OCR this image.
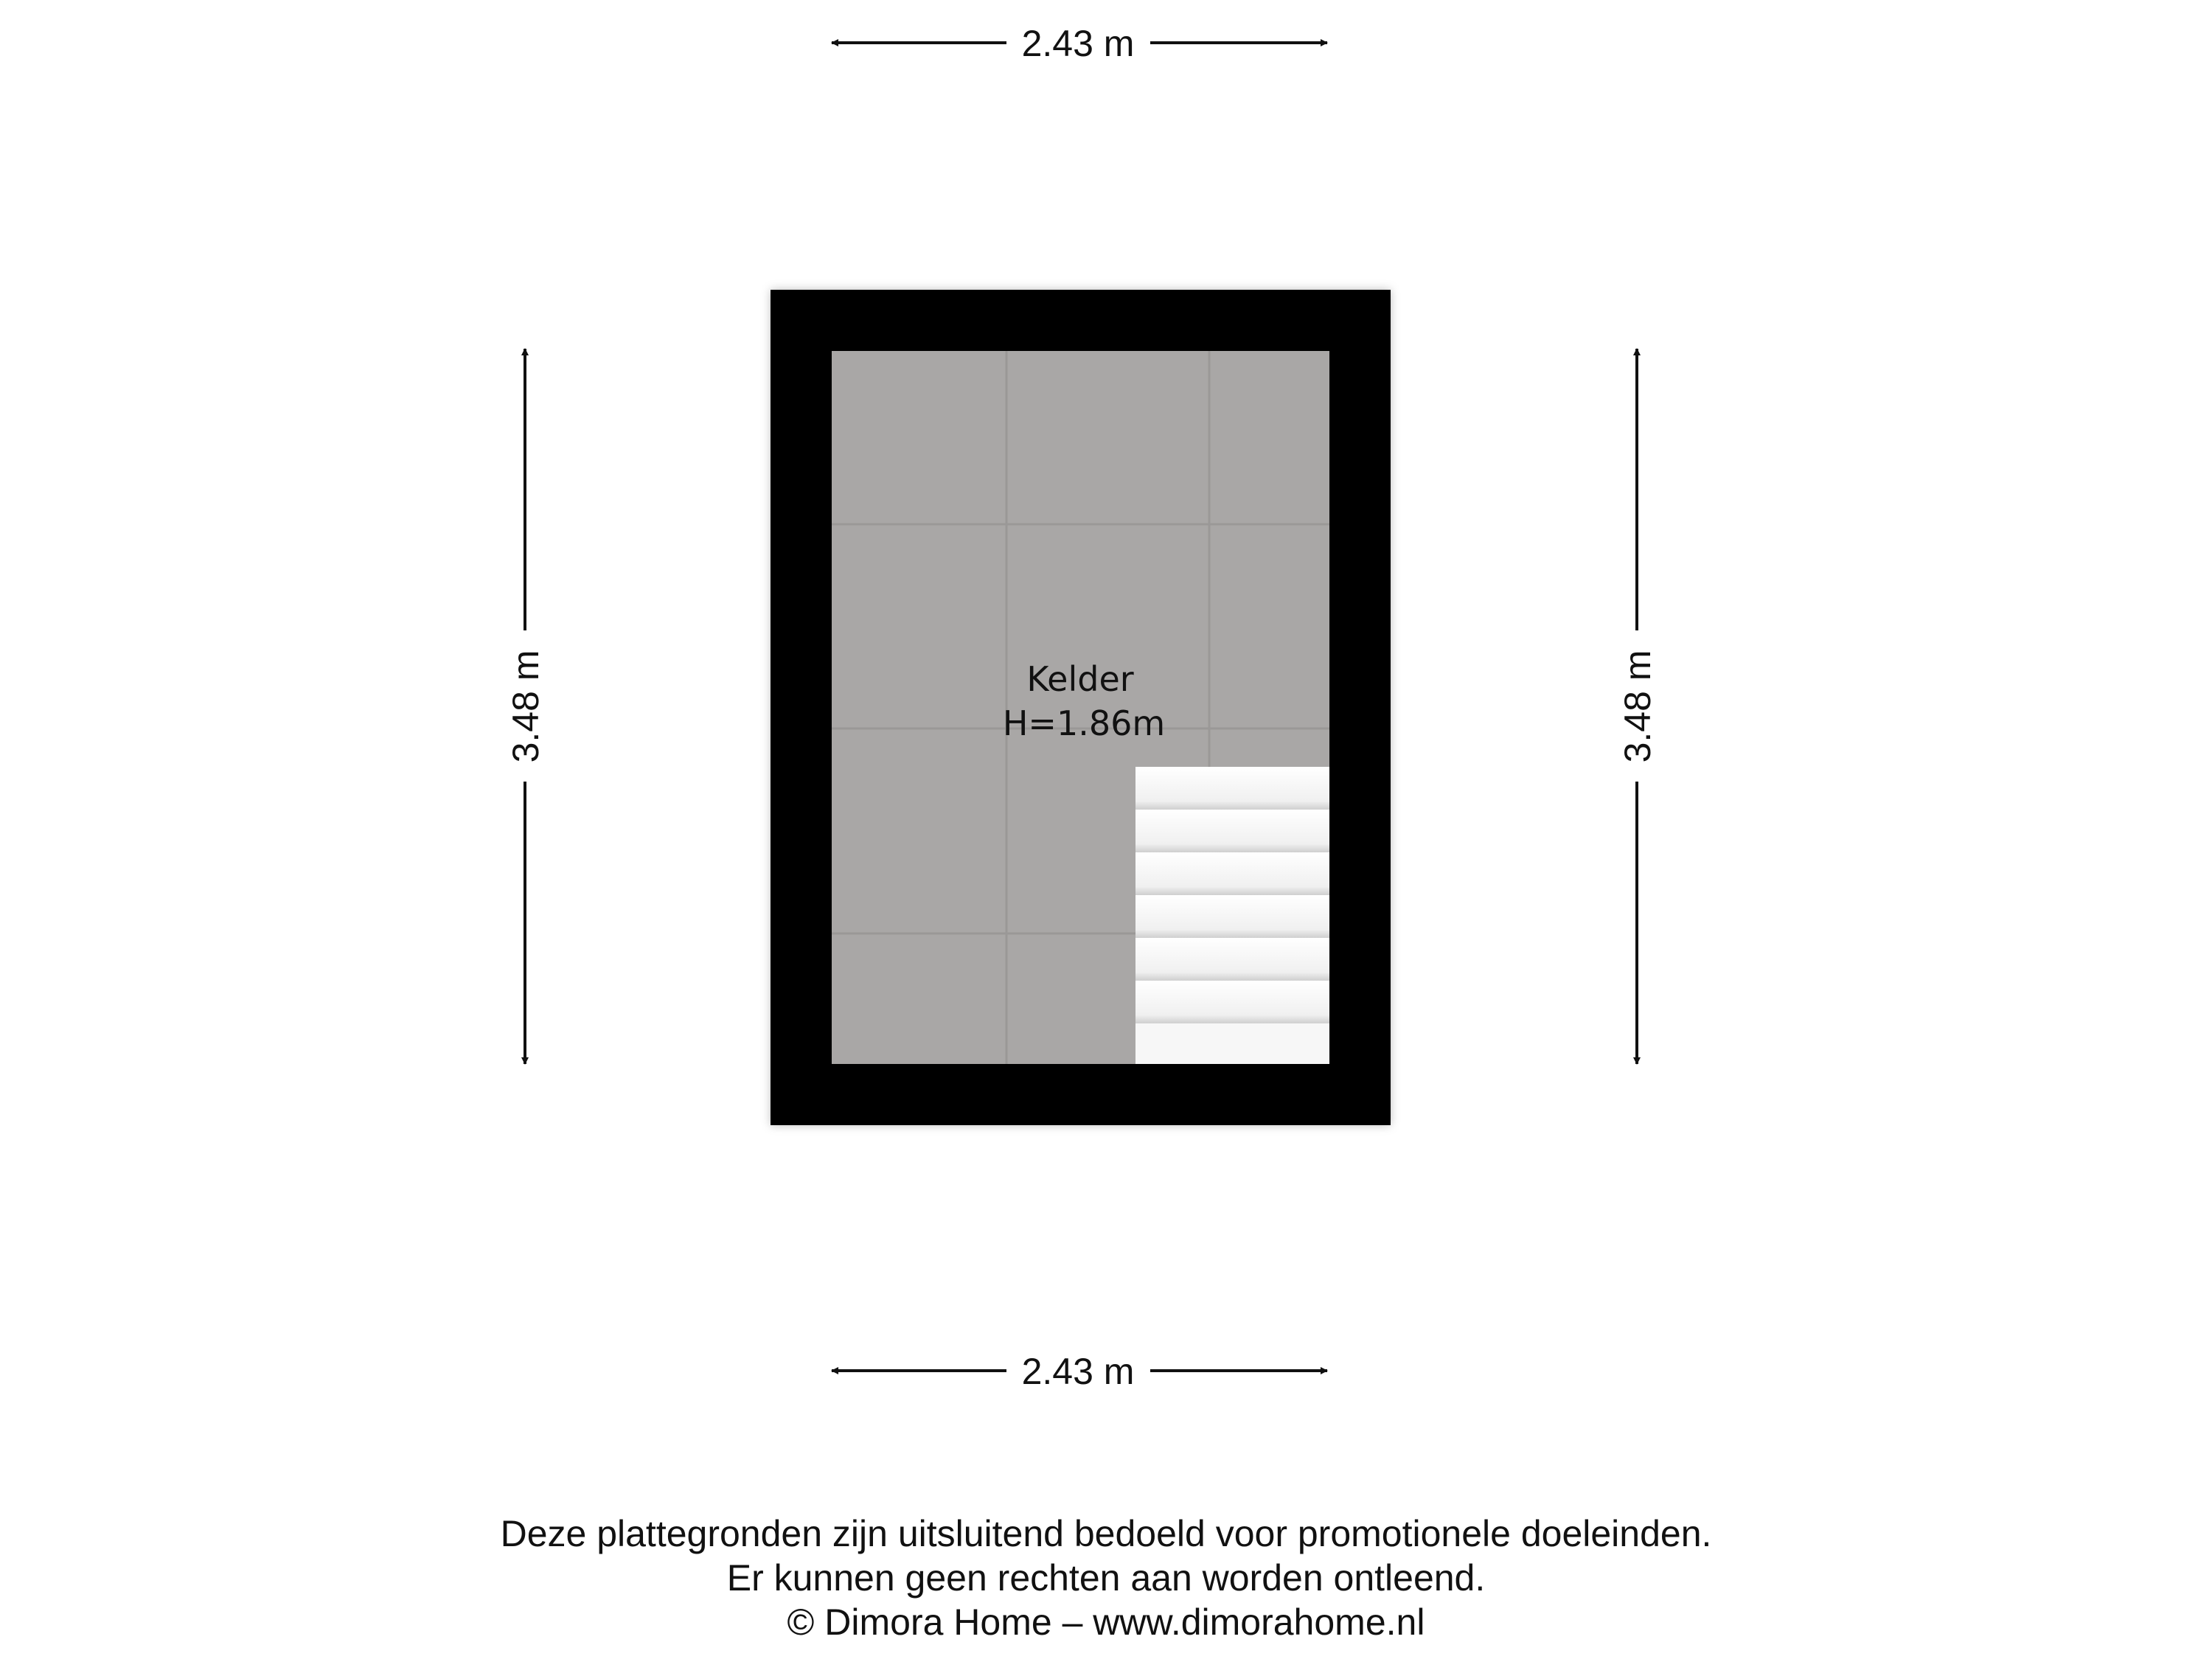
2.43 m
2.43 m
3.48 m	3.48 m
Kelder
H=1.86m
Deze plattegronden zijn uitsluitend bedoeld voor promotionele doeleinden.
Er kunnen geen rechten aan worden ontleend.
© Dimora Home – www.dimorahome.nl
